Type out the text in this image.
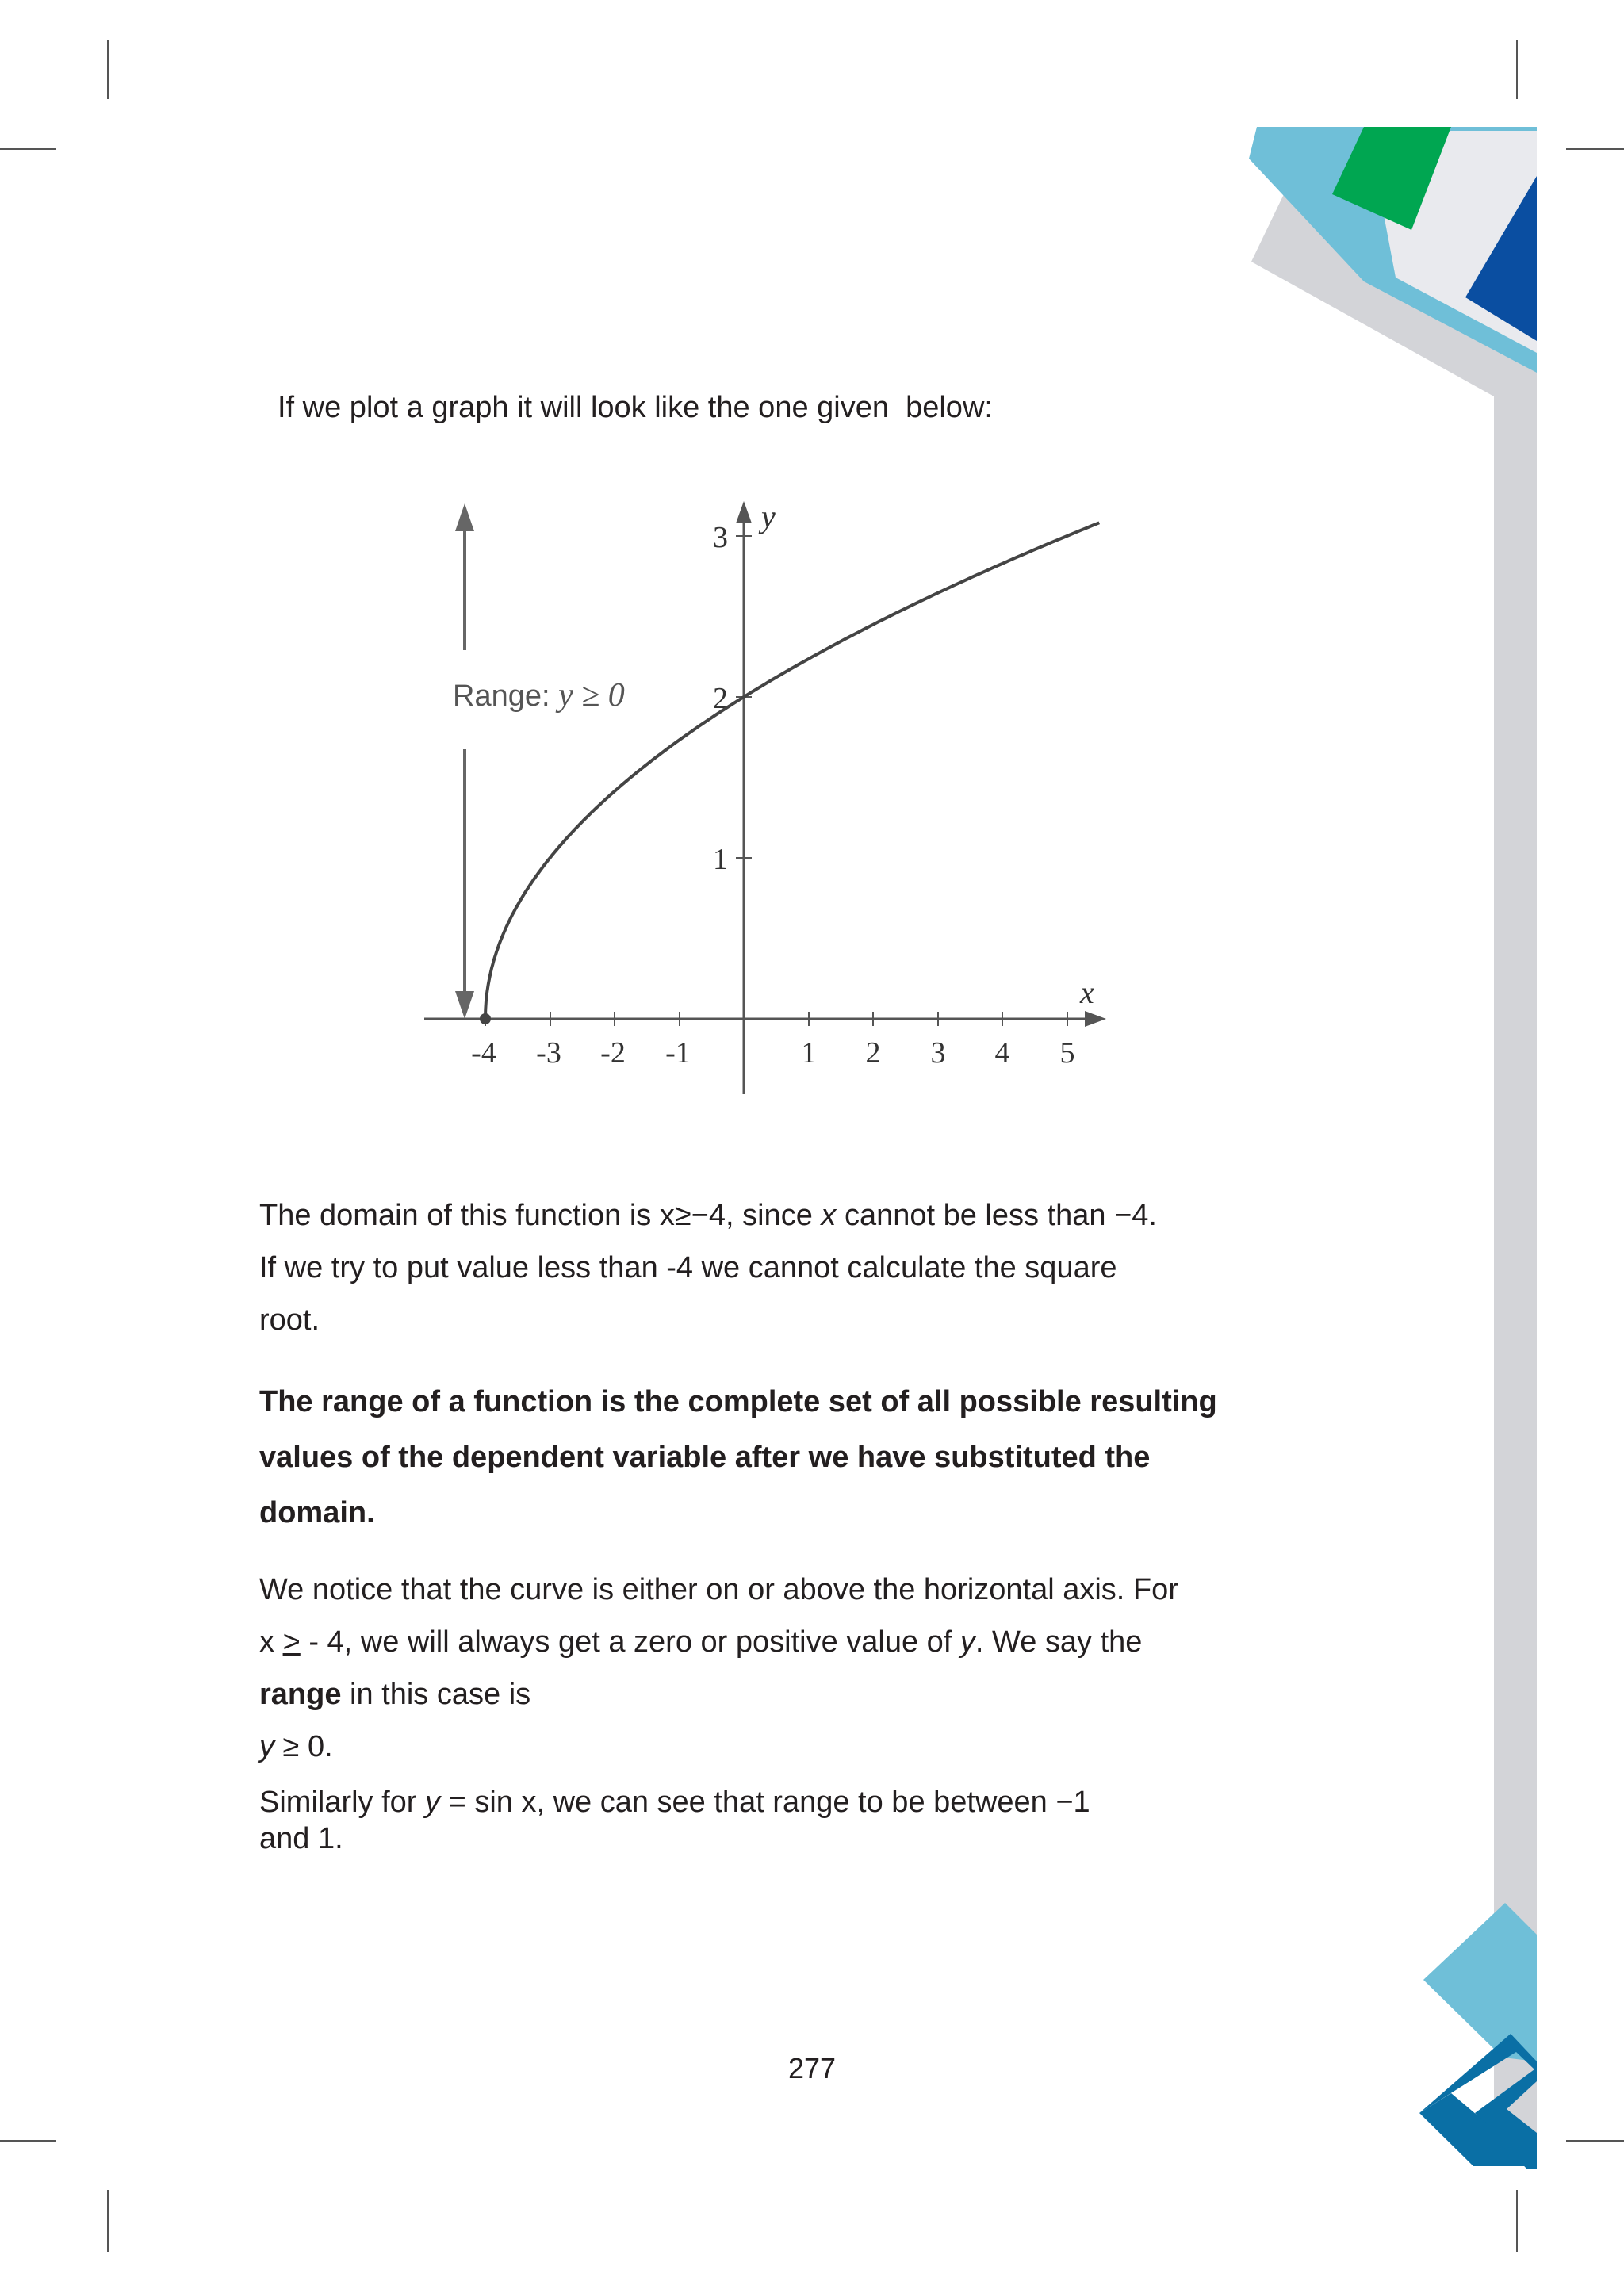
If we plot a graph it will look like the one given  below:
-4 -3 -2 -1	1 2 3 4 5
1
2
3
x
y
Range: y ≥ 0
The domain of this function is x≥−4, since x cannot be less than −4.
If we try to put value less than -4 we cannot calculate the square
root.
The range of a function is the complete set of all possible resulting
values of the dependent variable after we have substituted the
domain.
We notice that the curve is either on or above the horizontal axis. For
x > - 4, we will always get a zero or positive value of y. We say the
range in this case is
y ≥ 0.
Similarly for y = sin x, we can see that range to be between −1
and 1.
277
